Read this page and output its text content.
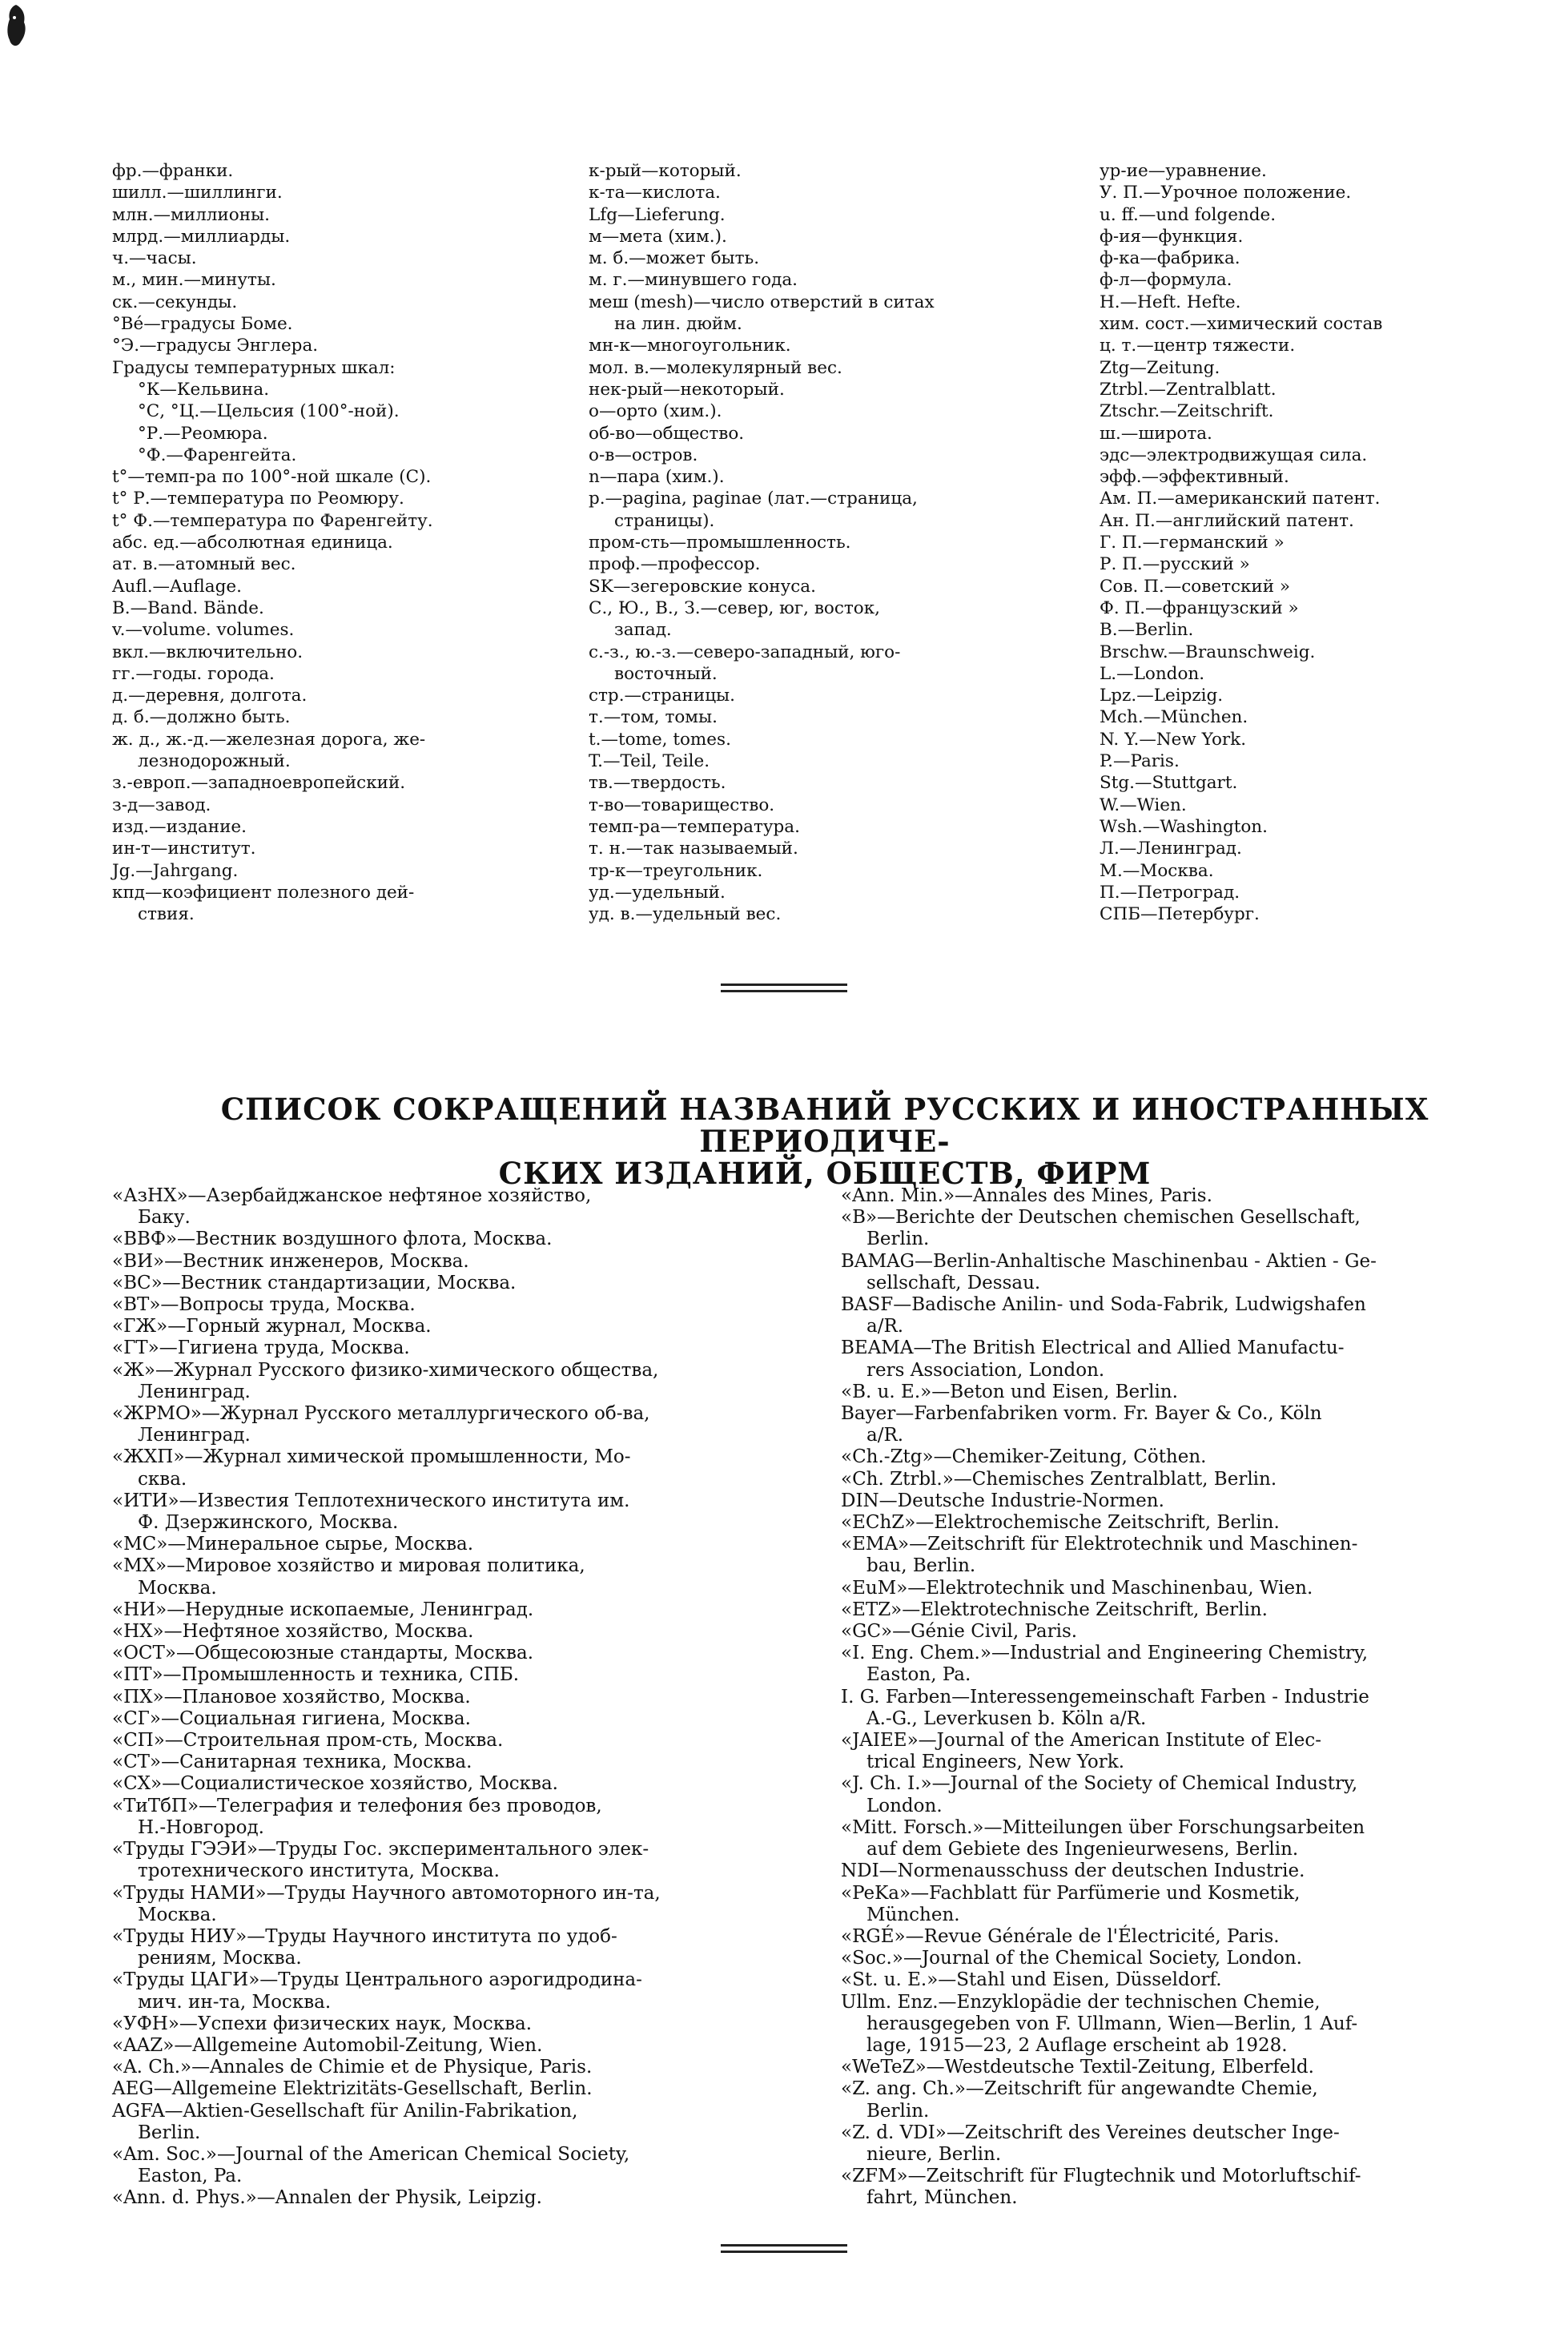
фр.—франки.
шилл.—шиллинги.
млн.—миллионы.
млрд.—миллиарды.
ч.—часы.
м., мин.—минуты.
ск.—секунды.
°Вé—градусы Боме.
°Э.—градусы Энглера.
Градусы температурных шкал:
°К—Кельвина.
°С, °Ц.—Цельсия (100°-ной).
°Р.—Реомюра.
°Ф.—Фаренгейта.
t°—темп-ра по 100°-ной шкале (С).
t° Р.—температура по Реомюру.
t° Ф.—температура по Фаренгейту.
абс. ед.—абсолютная единица.
ат. в.—атомный вес.
Aufl.—Auflage.
B.—Band. Bände.
v.—volume. volumes.
вкл.—включительно.
гг.—годы. города.
д.—деревня, долгота.
д. б.—должно быть.
ж. д., ж.-д.—железная дорога, же-
лезнодорожный.
з.-европ.—западноевропейский.
з-д—завод.
изд.—издание.
ин-т—институт.
Jg.—Jahrgang.
кпд—коэфициент полезного дей-
ствия.
к-рый—который.
к-та—кислота.
Lfg—Lieferung.
м—мета (хим.).
м. б.—может быть.
м. г.—минувшего года.
меш (mesh)—число отверстий в ситах
на лин. дюйм.
мн-к—многоугольник.
мол. в.—молекулярный вес.
нек-рый—некоторый.
о—орто (хим.).
об-во—общество.
о-в—остров.
n—пара (хим.).
p.—pagina, paginae (лат.—страница,
страницы).
пром-сть—промышленность.
проф.—профессор.
SK—зегеровские конуса.
С., Ю., В., З.—север, юг, восток,
запад.
с.-з., ю.-з.—северо-западный, юго-
восточный.
стр.—страницы.
т.—том, томы.
t.—tome, tomes.
T.—Teil, Teile.
тв.—твердость.
т-во—товарищество.
темп-ра—температура.
т. н.—так называемый.
тр-к—треугольник.
уд.—удельный.
уд. в.—удельный вес.
ур-ие—уравнение.
У. П.—Урочное положение.
u. ff.—und folgende.
ф-ия—функция.
ф-ка—фабрика.
ф-л—формула.
H.—Heft. Hefte.
хим. сост.—химический состав
ц. т.—центр тяжести.
Ztg—Zeitung.
Ztrbl.—Zentralblatt.
Ztschr.—Zeitschrift.
ш.—широта.
эдс—электродвижущая сила.
эфф.—эффективный.
Ам. П.—американский патент.
Ан. П.—английский патент.
Г. П.—германский »
Р. П.—русский »
Сов. П.—советский »
Ф. П.—французский »
B.—Berlin.
Brschw.—Braunschweig.
L.—London.
Lpz.—Leipzig.
Mch.—München.
N. Y.—New York.
P.—Paris.
Stg.—Stuttgart.
W.—Wien.
Wsh.—Washington.
Л.—Ленинград.
М.—Москва.
П.—Петроград.
СПБ—Петербург.
СПИСОК СОКРАЩЕНИЙ НАЗВАНИЙ РУССКИХ И ИНОСТРАННЫХ ПЕРИОДИЧЕ-
СКИХ ИЗДАНИЙ, ОБЩЕСТВ, ФИРМ
«АзНХ»—Азербайджанское нефтяное хозяйство,
Баку.
«ВВФ»—Вестник воздушного флота, Москва.
«ВИ»—Вестник инженеров, Москва.
«ВС»—Вестник стандартизации, Москва.
«ВТ»—Вопросы труда, Москва.
«ГЖ»—Горный журнал, Москва.
«ГТ»—Гигиена труда, Москва.
«Ж»—Журнал Русского физико-химического общества,
Ленинград.
«ЖРМО»—Журнал Русского металлургического об-ва,
Ленинград.
«ЖХП»—Журнал химической промышленности, Мо-
сква.
«ИТИ»—Известия Теплотехнического института им.
Ф. Дзержинского, Москва.
«МС»—Минеральное сырье, Москва.
«МХ»—Мировое хозяйство и мировая политика,
Москва.
«НИ»—Нерудные ископаемые, Ленинград.
«НХ»—Нефтяное хозяйство, Москва.
«ОСТ»—Общесоюзные стандарты, Москва.
«ПТ»—Промышленность и техника, СПБ.
«ПХ»—Плановое хозяйство, Москва.
«СГ»—Социальная гигиена, Москва.
«СП»—Строительная пром-сть, Москва.
«СТ»—Санитарная техника, Москва.
«СХ»—Социалистическое хозяйство, Москва.
«ТиТбП»—Телеграфия и телефония без проводов,
Н.-Новгород.
«Труды ГЭЭИ»—Труды Гос. экспериментального элек-
тротехнического института, Москва.
«Труды НАМИ»—Труды Научного автомоторного ин-та,
Москва.
«Труды НИУ»—Труды Научного института по удоб-
рениям, Москва.
«Труды ЦАГИ»—Труды Центрального аэрогидродина-
мич. ин-та, Москва.
«УФН»—Успехи физических наук, Москва.
«AAZ»—Allgemeine Automobil-Zeitung, Wien.
«A. Ch.»—Annales de Chimie et de Physique, Paris.
AEG—Allgemeine Elektrizitäts-Gesellschaft, Berlin.
AGFA—Aktien-Gesellschaft für Anilin-Fabrikation,
Berlin.
«Am. Soc.»—Journal of the American Chemical Society,
Easton, Pa.
«Ann. d. Phys.»—Annalen der Physik, Leipzig.
«Ann. Min.»—Annales des Mines, Paris.
«B»—Berichte der Deutschen chemischen Gesellschaft,
Berlin.
BAMAG—Berlin-Anhaltische Maschinenbau - Aktien - Ge-
sellschaft, Dessau.
BASF—Badische Anilin- und Soda-Fabrik, Ludwigshafen
a/R.
BEAMA—The British Electrical and Allied Manufactu-
rers Association, London.
«B. u. E.»—Beton und Eisen, Berlin.
Bayer—Farbenfabriken vorm. Fr. Bayer & Co., Köln
a/R.
«Ch.-Ztg»—Chemiker-Zeitung, Cöthen.
«Ch. Ztrbl.»—Chemisches Zentralblatt, Berlin.
DIN—Deutsche Industrie-Normen.
«EChZ»—Elektrochemische Zeitschrift, Berlin.
«EMA»—Zeitschrift für Elektrotechnik und Maschinen-
bau, Berlin.
«EuM»—Elektrotechnik und Maschinenbau, Wien.
«ETZ»—Elektrotechnische Zeitschrift, Berlin.
«GC»—Génie Civil, Paris.
«I. Eng. Chem.»—Industrial and Engineering Chemistry,
Easton, Pa.
I. G. Farben—Interessengemeinschaft Farben - Industrie
A.-G., Leverkusen b. Köln a/R.
«JAIEE»—Journal of the American Institute of Elec-
trical Engineers, New York.
«J. Ch. I.»—Journal of the Society of Chemical Industry,
London.
«Mitt. Forsch.»—Mitteilungen über Forschungsarbeiten
auf dem Gebiete des Ingenieurwesens, Berlin.
NDI—Normenausschuss der deutschen Industrie.
«PeKa»—Fachblatt für Parfümerie und Kosmetik,
München.
«RGÉ»—Revue Générale de l'Électricité, Paris.
«Soc.»—Journal of the Chemical Society, London.
«St. u. E.»—Stahl und Eisen, Düsseldorf.
Ullm. Enz.—Enzyklopädie der technischen Chemie,
herausgegeben von F. Ullmann, Wien—Berlin, 1 Auf-
lage, 1915—23, 2 Auflage erscheint ab 1928.
«WeTeZ»—Westdeutsche Textil-Zeitung, Elberfeld.
«Z. ang. Ch.»—Zeitschrift für angewandte Chemie,
Berlin.
«Z. d. VDI»—Zeitschrift des Vereines deutscher Inge-
nieure, Berlin.
«ZFM»—Zeitschrift für Flugtechnik und Motorluftschif-
fahrt, München.
